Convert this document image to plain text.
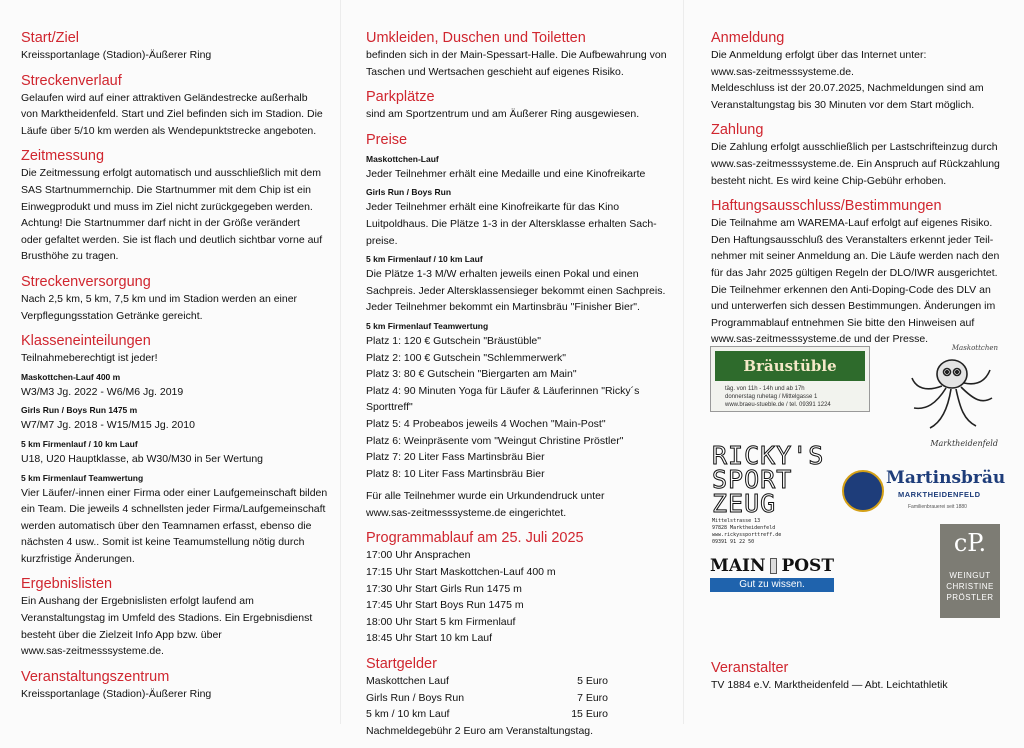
Start/Ziel

Kreissportanlage (Stadion)-Äußerer Ring

Streckenverlauf

Gelaufen wird auf einer attraktiven Geländestrecke außerhalb

von Marktheidenfeld. Start und Ziel befinden sich im Stadion. Die

Läufe über 5/10 km werden als Wendepunktstrecke angeboten.

Zeitmessung

Die Zeitmessung erfolgt automatisch und ausschließlich mit dem

SAS Startnummernchip. Die Startnummer mit dem Chip ist ein

Einwegprodukt und muss im Ziel nicht zurückgegeben werden.

Achtung! Die Startnummer darf nicht in der Größe verändert

oder gefaltet werden. Sie ist flach und deutlich sichtbar vorne auf

Brusthöhe zu tragen.

Streckenversorgung

Nach 2,5 km, 5 km, 7,5 km und im Stadion werden an einer

Verpflegungsstation Getränke gereicht.

Klasseneinteilungen

Teilnahmeberechtigt ist jeder!

Maskottchen-Lauf 400 m

W3/M3 Jg. 2022 - W6/M6 Jg. 2019

Girls Run / Boys Run 1475 m

W7/M7 Jg. 2018 - W15/M15 Jg. 2010

5 km Firmenlauf / 10 km Lauf

U18, U20 Hauptklasse, ab W30/M30 in 5er Wertung

5 km Firmenlauf Teamwertung

Vier Läufer/-innen einer Firma oder einer Laufgemeinschaft bilden

ein Team. Die jeweils 4 schnellsten jeder Firma/Laufgemeinschaft

werden automatisch über den Teamnamen erfasst, ebenso die

nächsten 4 usw.. Somit ist keine Teamumstellung nötig durch

kurzfristige Änderungen.

Ergebnislisten

Ein Aushang der Ergebnislisten erfolgt laufend am

Veranstaltungstag im Umfeld des Stadions. Ein Ergebnisdienst

besteht über die Zielzeit Info App bzw. über

www.sas-zeitmesssysteme.de.

Veranstaltungszentrum

Kreissportanlage (Stadion)-Äußerer Ring

Umkleiden, Duschen und Toiletten

befinden sich in der Main-Spessart-Halle. Die Aufbewahrung von

Taschen und Wertsachen geschieht auf eigenes Risiko.

Parkplätze

sind am Sportzentrum und am Äußerer Ring ausgewiesen.

Preise
Maskottchen-Lauf

Jeder Teilnehmer erhält eine Medaille und eine Kinofreikarte

Girls Run / Boys Run

Jeder Teilnehmer erhält eine Kinofreikarte für das Kino

Luitpoldhaus. Die Plätze 1-3 in der Altersklasse erhalten Sach-

preise.

5 km Firmenlauf / 10 km Lauf

Die Plätze 1-3 M/W erhalten jeweils einen Pokal und einen

Sachpreis. Jeder Altersklassensieger bekommt einen Sachpreis.

Jeder Teilnehmer bekommt ein Martinsbräu "Finisher Bier".

5 km Firmenlauf Teamwertung

Platz 1: 120 € Gutschein "Bräustüble"

Platz 2: 100 € Gutschein "Schlemmerwerk"

Platz 3: 80 € Gutschein "Biergarten am Main"

Platz 4: 90 Minuten Yoga für Läufer & Läuferinnen "Ricky´s Sporttreff"

Platz 5: 4 Probeabos jeweils 4 Wochen "Main-Post"

Platz 6: Weinpräsente vom "Weingut Christine Pröstler"

Platz 7: 20 Liter Fass Martinsbräu Bier

Platz 8: 10 Liter Fass Martinsbräu Bier

Für alle Teilnehmer wurde ein Urkundendruck unter

www.sas-zeitmesssysteme.de eingerichtet.

Programmablauf am 25. Juli 2025

17:00 Uhr Ansprachen

17:15 Uhr Start Maskottchen-Lauf 400 m

17:30 Uhr Start Girls Run 1475 m

17:45 Uhr Start Boys Run 1475 m

18:00 Uhr Start 5 km Firmenlauf

18:45 Uhr Start 10 km Lauf

Startgelder
Maskottchen Lauf	5 Euro
Girls Run / Boys Run	7 Euro
5 km / 10 km Lauf	15 Euro

Nachmeldegebühr 2 Euro am Veranstaltungstag.

Anmeldung

Die Anmeldung erfolgt über das Internet unter:

www.sas-zeitmesssysteme.de.

Meldeschluss ist der 20.07.2025, Nachmeldungen sind am

Veranstaltungstag bis 30 Minuten vor dem Start möglich.

Zahlung

Die Zahlung erfolgt ausschließlich per Lastschrifteinzug durch

www.sas-zeitmesssysteme.de. Ein Anspruch auf Rückzahlung

besteht nicht. Es wird keine Chip-Gebühr erhoben.

Haftungsausschluss/Bestimmungen

Die Teilnahme am WAREMA-Lauf erfolgt auf eigenes Risiko.

Den Haftungsausschluß des Veranstalters erkennt jeder Teil-

nehmer mit seiner Anmeldung an. Die Läufe werden nach den

für das Jahr 2025 gültigen Regeln der DLO/IWR ausgerichtet.

Die Teilnehmer erkennen den Anti-Doping-Code des DLV an

und unterwerfen sich dessen Bestimmungen. Änderungen im

Programmablauf entnehmen Sie bitte den Hinweisen auf

www.sas-zeitmesssysteme.de und der Presse.

Bräustüble
täg. von 11h - 14h und ab 17h
donnerstag ruhetag / Mittelgasse 1
www.braeu-stueble.de / tel. 09391 1224
Maskottchen
Marktheidenfeld
RICKY'S
SPORT
ZEUG
Mittelstrasse 13
97828 Marktheidenfeld
www.rickyssporttreff.de
09391 91 22 50
Martinsbräu
MARKTHEIDENFELD
Familienbrauerei seit 1880
MAIN POST
Gut zu wissen.
cP.
WEINGUT
CHRISTINE
PRÖSTLER
Veranstalter

TV 1884 e.V. Marktheidenfeld — Abt. Leichtathletik
